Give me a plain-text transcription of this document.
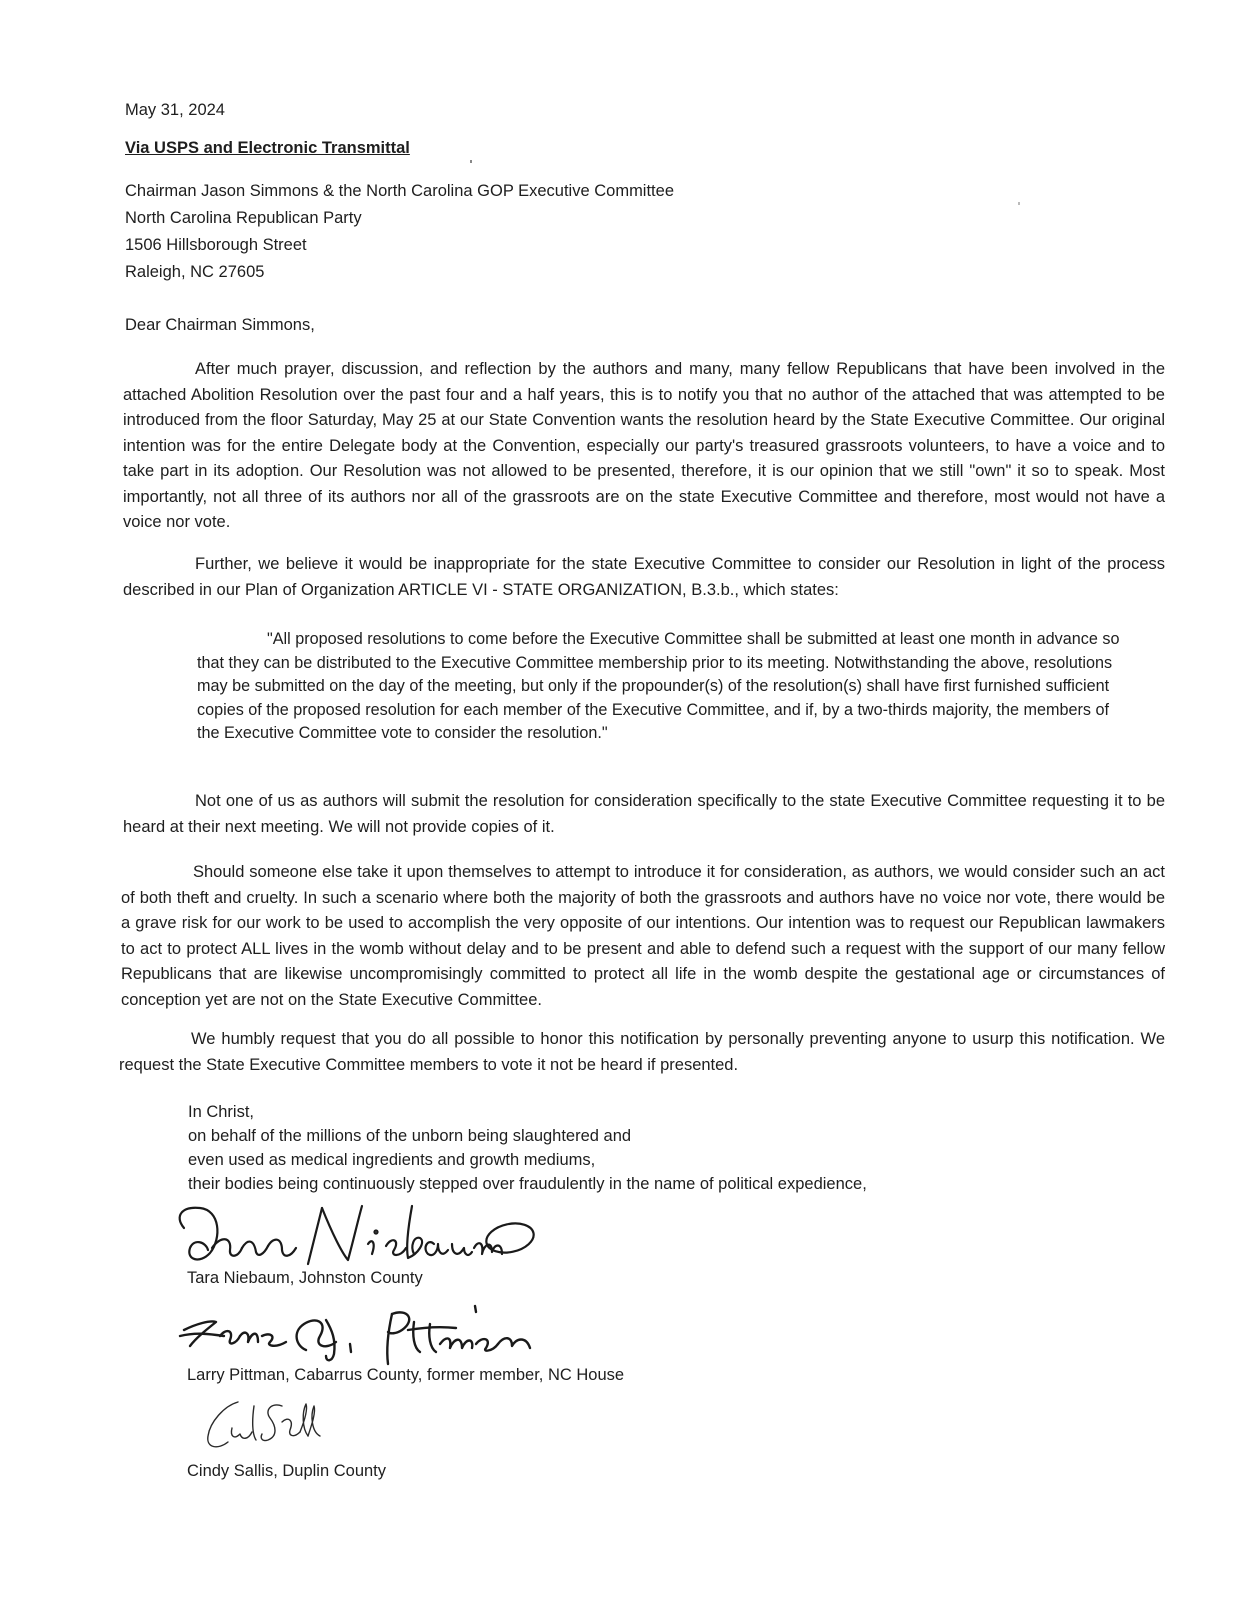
May 31, 2024
Via USPS and Electronic Transmittal
Chairman Jason Simmons & the North Carolina GOP Executive Committee
North Carolina Republican Party
1506 Hillsborough Street
Raleigh, NC 27605
Dear Chairman Simmons,

After much prayer, discussion, and reflection by the authors and many, many fellow Republicans that have been involved in the attached Abolition Resolution over the past four and a half years, this is to notify you that no author of the attached that was attempted to be introduced from the floor Saturday, May 25 at our State Convention wants the resolution heard by the State Executive Committee. Our original intention was for the entire Delegate body at the Convention, especially our party's treasured grassroots volunteers, to have a voice and to take part in its adoption. Our Resolution was not allowed to be presented, therefore, it is our opinion that we still "own" it so to speak. Most importantly, not all three of its authors nor all of the grassroots are on the state Executive Committee and therefore, most would not have a voice nor vote.

Further, we believe it would be inappropriate for the state Executive Committee to consider our Resolution in light of the process described in our Plan of Organization ARTICLE VI - STATE ORGANIZATION, B.3.b., which states:

"All proposed resolutions to come before the Executive Committee shall be submitted at least one month in advance so that they can be distributed to the Executive Committee membership prior to its meeting. Notwithstanding the above, resolutions may be submitted on the day of the meeting, but only if the propounder(s) of the resolution(s) shall have first furnished sufficient copies of the proposed resolution for each member of the Executive Committee, and if, by a two-thirds majority, the members of the Executive Committee vote to consider the resolution."

Not one of us as authors will submit the resolution for consideration specifically to the state Executive Committee requesting it to be heard at their next meeting. We will not provide copies of it.

Should someone else take it upon themselves to attempt to introduce it for consideration, as authors, we would consider such an act of both theft and cruelty. In such a scenario where both the majority of both the grassroots and authors have no voice nor vote, there would be a grave risk for our work to be used to accomplish the very opposite of our intentions. Our intention was to request our Republican lawmakers to act to protect ALL lives in the womb without delay and to be present and able to defend such a request with the support of our many fellow Republicans that are likewise uncompromisingly committed to protect all life in the womb despite the gestational age or circumstances of conception yet are not on the State Executive Committee.

We humbly request that you do all possible to honor this notification by personally preventing anyone to usurp this notification. We request the State Executive Committee members to vote it not be heard if presented.

In Christ,
on behalf of the millions of the unborn being slaughtered and
even used as medical ingredients and growth mediums,
their bodies being continuously stepped over fraudulently in the name of political expedience,
Tara Niebaum, Johnston County
Larry Pittman, Cabarrus County, former member, NC House
Cindy Sallis, Duplin County
